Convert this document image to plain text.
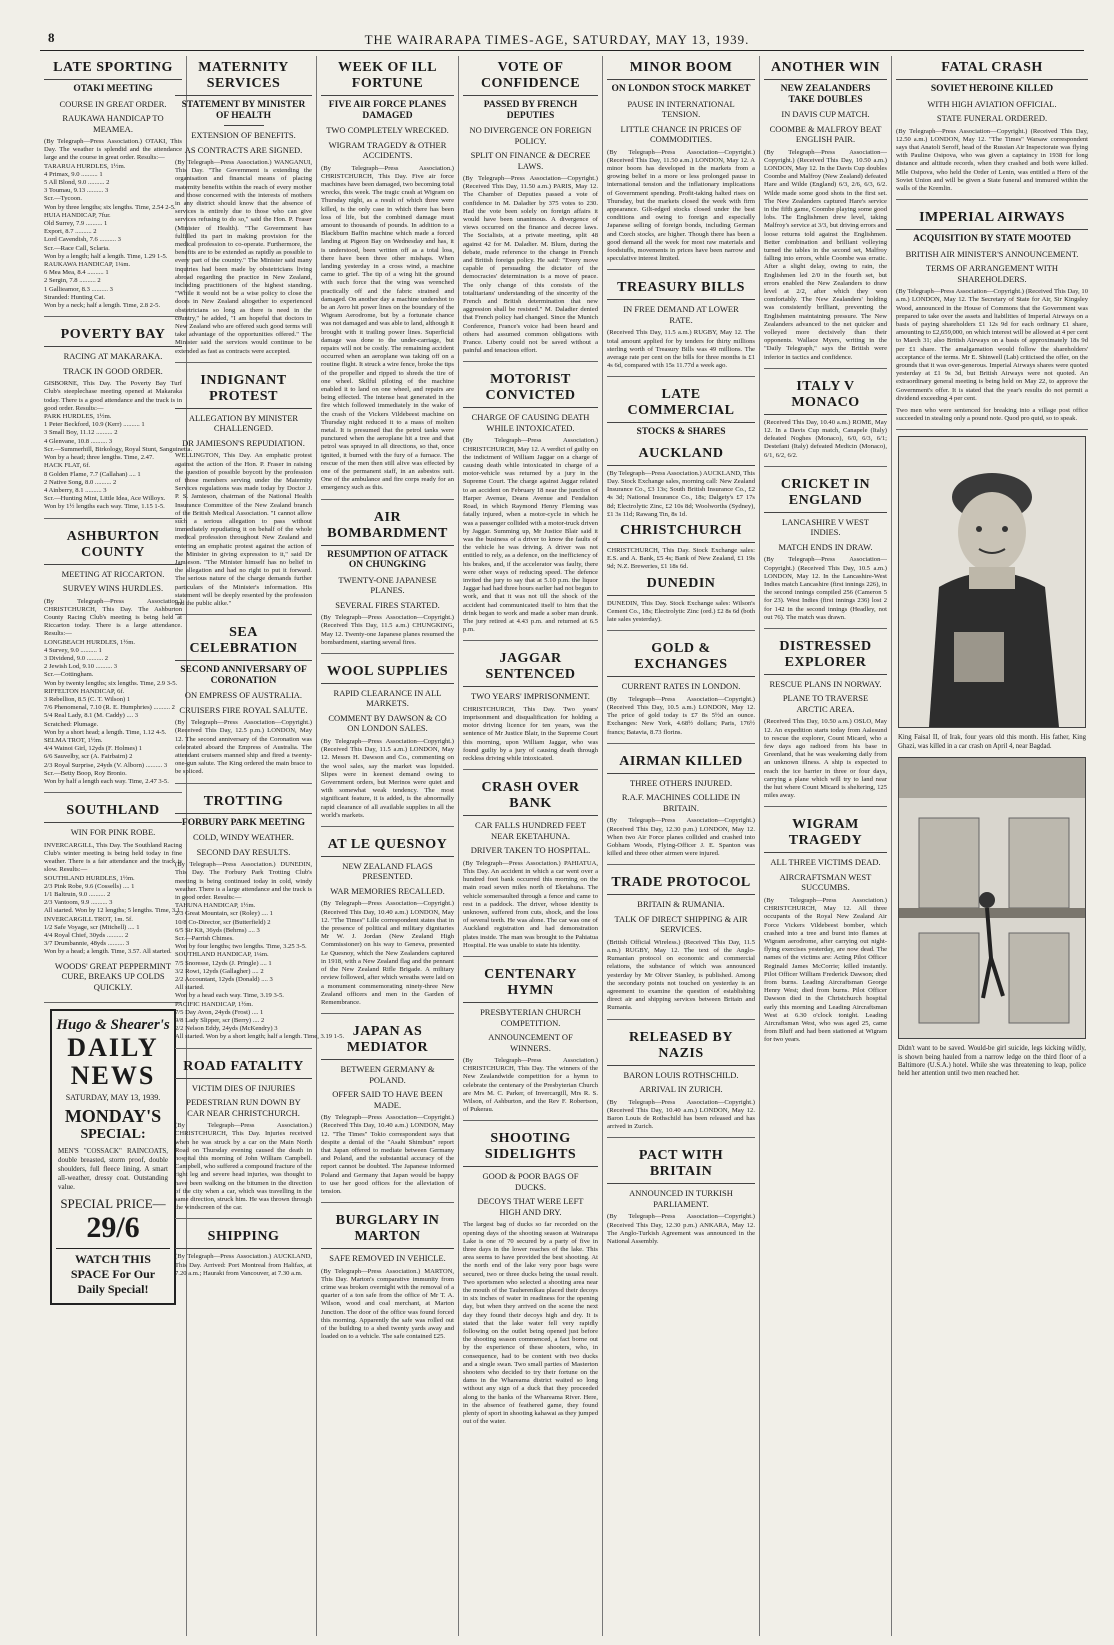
8	THE WAIRARAPA TIMES-AGE, SATURDAY, MAY 13, 1939.
LATE SPORTING
OTAKI MEETING
COURSE IN GREAT ORDER.
RAUKAWA HANDICAP TO MEAMEA.
(By Telegraph—Press Association.) OTAKI, This Day. The weather is splendid and the attendance large and the course in great order. Results:—
TARARUA HURDLES, 1½m.
4 Primax, 9.0 .......... 1
5 All Blond, 9.0 .......... 2
3 Toumau, 9.13 .......... 3
Scr.—Tycoon.
Won by three lengths; six lengths. Time, 2.54 2-5.
HUIA HANDICAP, 7fur.
Old Surrey, 7.9 .......... 1
Export, 8.7 .......... 2
Lord Cavendish, 7.6 .......... 3
Scr.—Race Call, Sclaria.
Won by a length; half a length. Time, 1.29 1-5.
RAUKAWA HANDICAP, 1¼m.
6 Mea Mea, 8.4 .......... 1
2 Sergin, 7.8 .......... 2
1 Gallieamor, 8.3 .......... 3
Stranded: Hunting Cat.
Won by a neck; half a length. Time, 2.8 2-5.
POVERTY BAY
RACING AT MAKARAKA.
TRACK IN GOOD ORDER.
GISBORNE, This Day. The Poverty Bay Turf Club's steeplechase meeting opened at Makaraka today. There is a good attendance and the track is in good order. Results:—
PARK HURDLES, 1½m.
1 Peter Beckford, 10.9 (Kerr) .......... 1
3 Small Boy, 11.12 .......... 2
4 Glenvane, 10.8 .......... 3
Scr.—Summerhill, Birkology, Royal Stunt, Sanguinetta.
Won by a head; three lengths. Time, 2.47.
HACK FLAT, 6f.
8 Golden Flame, 7.7 (Callahan) .... 1
2 Native Song, 8.0 .......... 2
4 Ainberry, 8.1 .......... 3
Scr.—Hunting Mint, Little Idea, Ace Willoyx.
Won by 1½ lengths each way. Time, 1.15 1-5.
ASHBURTON COUNTY
MEETING AT RICCARTON.
SURVEY WINS HURDLES.
(By Telegraph—Press Association.) CHRISTCHURCH, This Day. The Ashburton County Racing Club's meeting is being held at Riccarton today. There is a large attendance. Results:—
LONGBEACH HURDLES, 1½m.
4 Survey, 9.0 .......... 1
3 Dividend, 9.0 .......... 2
2 Jewish Lod, 9.10 .......... 3
Scr.—Cottingham.
Won by twenty lengths; six lengths. Time, 2.9 3-5.
RIFFELTON HANDICAP, 6f.
3 Rebellion, 8.5 (C. T. Wilson) 1
7/6 Phenomenal, 7.10 (R. E. Humphries) .......... 2
5/4 Real Lady, 8.1 (M. Caddy) .... 3
Scratched: Plumage.
Won by a short head; a length. Time, 1.12 4-5.
SELMA TROT, 1½m.
4/4 Wainoi Girl, 12yds (F. Holmes) 1
6/6 Sauvelby, scr (A. Fairbairn) 2
2/3 Royal Surprise, 24yds (V. Alborn) .......... 3
Scr.—Betty Boop, Roy Bronio.
Won by half a length each way. Time, 2.47 3-5.
SOUTHLAND
WIN FOR PINK ROBE.
INVERCARGILL, This Day. The Southland Racing Club's winter meeting is being held today in fine weather. There is a fair attendance and the track is slow. Results:—
SOUTHLAND HURDLES, 1½m.
2/3 Pink Robe, 9.6 (Cossells) .... 1
1/1 Baltruin, 9.0 .......... 2
2/3 Vantoom, 9.9 .......... 3
All started. Won by 12 lengths; 5 lengths. Time, 3.1.
INVERCARGILL TROT, 1m. 5f.
1/2 Safe Voyage, scr (Mitchell) .... 1
4/4 Royal Chief, 30yds .......... 2
3/7 Drumbannie, 48yds .......... 3
Won by a head; a length. Time, 3.57. All started.
WOODS' GREAT PEPPERMINT CURE, BREAKS UP COLDS QUICKLY.
Hugo & Shearer's
DAILY NEWS
SATURDAY, MAY 13, 1939.
MONDAY'S
SPECIAL:
MEN'S "COSSACK" RAINCOATS, double breasted, storm proof, double shoulders, full fleece lining. A smart all-weather, dressy coat. Outstanding value.
SPECIAL PRICE—
29/6
WATCH THIS SPACE For Our Daily Special!
MATERNITY SERVICES
STATEMENT BY MINISTER OF HEALTH
EXTENSION OF BENEFITS.
AS CONTRACTS ARE SIGNED.
(By Telegraph—Press Association.) WANGANUI, This Day. "The Government is extending the organisation and financial means of placing maternity benefits within the reach of every mother and those concerned with the interests of mothers in any district should know that the absence of services is entirely due to those who can give services refusing to do so," said the Hon. P. Fraser (Minister of Health). "The Government has fulfilled its part in making provision for the medical profession to co-operate. Furthermore, the benefits are to be extended as rapidly as possible to every part of the country." The Minister said many inquiries had been made by obstetricians living abroad regarding the practice in New Zealand, including practitioners of the highest standing. "While it would not be a wise policy to close the doors in New Zealand altogether to experienced obstetricians so long as there is need in the country," he added, "I am hopeful that doctors in New Zealand who are offered such good terms will take advantage of the opportunities offered." The Minister said the services would continue to be extended as fast as contracts were accepted.
INDIGNANT PROTEST
ALLEGATION BY MINISTER CHALLENGED.
DR JAMIESON'S REPUDIATION.
WELLINGTON, This Day. An emphatic protest against the action of the Hon. P. Fraser in raising the question of possible boycott by the profession of those members serving under the Maternity Services regulations was made today by Doctor J. P. S. Jamieson, chairman of the National Health Insurance Committee of the New Zealand branch of the British Medical Association. "I cannot allow such a serious allegation to pass without immediately repudiating it on behalf of the whole medical profession throughout New Zealand and entering an emphatic protest against the action of the Minister in giving expression to it," said Dr Jamieson. "The Minister himself has no belief in the allegation and had no right to put it forward. The serious nature of the charge demands further particulars of the Minister's information. His statement will be deeply resented by the profession and the public alike."
SEA CELEBRATION
SECOND ANNIVERSARY OF CORONATION
ON EMPRESS OF AUSTRALIA.
CRUISERS FIRE ROYAL SALUTE.
(By Telegraph—Press Association—Copyright.) (Received This Day, 12.5 p.m.) LONDON, May 12. The second anniversary of the Coronation was celebrated aboard the Empress of Australia. The attendant cruisers manned ship and fired a twenty-one-gun salute. The King ordered the main brace to be spliced.
TROTTING
FORBURY PARK MEETING
COLD, WINDY WEATHER.
SECOND DAY RESULTS.
(By Telegraph—Press Association.) DUNEDIN, This Day. The Forbury Park Trotting Club's meeting is being continued today in cold, windy weather. There is a large attendance and the track is in good order. Results:—
TAHUNA HANDICAP, 1½m.
2/3 Great Mountain, scr (Roley) .... 1
10/8 Co-Director, scr (Butterfield) 2
6/5 Sir Kit, 36yds (Behrns) .... 3
Scr.—Parrish Chimes.
Won by four lengths; two lengths. Time, 3.25 3-5.
SOUTHLAND HANDICAP, 1¼m.
7/5 Snoresse, 12yds (J. Pringle) .... 1
3/2 Rowi, 12yds (Gallagher) .... 2
2/2 Accountant, 12yds (Donald) .... 3
All started.
Won by a head each way. Time, 3.19 3-5.
PACIFIC HANDICAP, 1½m.
7/5 Day Avon, 24yds (Frost) .... 1
9/8 Lady Slipper, scr (Berry) .... 2
2/2 Nelson Eddy, 24yds (McKendry) 3
All started. Won by a short length; half a length. Time, 3.19 1-5.
ROAD FATALITY
VICTIM DIES OF INJURIES
PEDESTRIAN RUN DOWN BY CAR NEAR CHRISTCHURCH.
(By Telegraph—Press Association.) CHRISTCHURCH, This Day. Injuries received when he was struck by a car on the Main North Road on Thursday evening caused the death in hospital this morning of John William Campbell. Campbell, who suffered a compound fracture of the right leg and severe head injuries, was thought to have been walking on the bitumen in the direction of the city when a car, which was travelling in the same direction, struck him. He was thrown through the windscreen of the car.
SHIPPING
(By Telegraph—Press Association.) AUCKLAND, This Day. Arrived: Port Montreal from Halifax, at 7.20 a.m.; Hauraki from Vancouver, at 7.30 a.m.
WEEK OF ILL FORTUNE
FIVE AIR FORCE PLANES DAMAGED
TWO COMPLETELY WRECKED.
WIGRAM TRAGEDY & OTHER ACCIDENTS.
(By Telegraph—Press Association.) CHRISTCHURCH, This Day. Five air force machines have been damaged, two becoming total wrecks, this week. The tragic crash at Wigram on Thursday night, as a result of which three were killed, is the only case in which there has been loss of life, but the combined damage must amount to thousands of pounds. In addition to a Blackburn Baffin machine which made a forced landing at Pigeon Bay on Wednesday and has, it is understood, been written off as a total loss, there have been three other mishaps. When landing yesterday in a cross wind, a machine came to grief. The tip of a wing hit the ground with such force that the wing was wrenched practically off and the fabric strained and damaged. On another day a machine undershot to be an Avro hit power lines on the boundary of the Wigram Aerodrome, but by a fortunate chance was not damaged and was able to land, although it brought with it trailing power lines. Superficial damage was done to the under-carriage, but repairs will not be costly. The remaining accident occurred when an aeroplane was taking off on a routine flight. It struck a wire fence, broke the tips of the propeller and ripped to shreds the tire of one wheel. Skilful piloting of the machine enabled it to land on one wheel, and repairs are being effected. The intense heat generated in the fire which followed immediately in the wake of the crash of the Vickers Vildebeest machine on Thursday night reduced it to a mass of molten metal. It is presumed that the petrol tanks were punctured when the aeroplane hit a tree and that petrol was sprayed in all directions, so that, once ignited, it burned with the fury of a furnace. The rescue of the men then still alive was effected by one of the permanent staff, in an asbestos suit. One of the ambulance and fire corps ready for an emergency such as this.
AIR BOMBARDMENT
RESUMPTION OF ATTACK ON CHUNGKING
TWENTY-ONE JAPANESE PLANES.
SEVERAL FIRES STARTED.
(By Telegraph—Press Association—Copyright.) (Received This Day, 11.5 a.m.) CHUNGKING, May 12. Twenty-one Japanese planes resumed the bombardment, starting several fires.
WOOL SUPPLIES
RAPID CLEARANCE IN ALL MARKETS.
COMMENT BY DAWSON & CO ON LONDON SALES.
(By Telegraph—Press Association—Copyright.) (Received This Day, 11.5 a.m.) LONDON, May 12. Messrs H. Dawson and Co., commenting on the wool sales, say the market was lopsided. Slipes were in keenest demand owing to Government orders, but Merinos were quiet and with somewhat weak tendency. The most significant feature, it is added, is the abnormally rapid clearance of all available supplies in all the world's markets.
AT LE QUESNOY
NEW ZEALAND FLAGS PRESENTED.
WAR MEMORIES RECALLED.
(By Telegraph—Press Association—Copyright.) (Received This Day, 10.40 a.m.) LONDON, May 12. "The Times" Lille correspondent states that in the presence of political and military dignitaries Mr W. J. Jordan (New Zealand High Commissioner) on his way to Geneva, presented Le Quesnoy, which the New Zealanders captured in 1918, with a New Zealand flag and the pennant of the New Zealand Rifle Brigade. A military review followed, after which wreaths were laid on a monument commemorating ninety-three New Zealand officers and men in the Garden of Remembrance.
JAPAN AS MEDIATOR
BETWEEN GERMANY & POLAND.
OFFER SAID TO HAVE BEEN MADE.
(By Telegraph—Press Association—Copyright.) (Received This Day, 10.40 a.m.) LONDON, May 12. "The Times" Tokio correspondent says that despite a denial of the "Asahi Shimbun" report that Japan offered to mediate between Germany and Poland, and the substantial accuracy of the report cannot be doubted. The Japanese informed Poland and Germany that Japan would be happy to use her good offices for the alleviation of tension.
BURGLARY IN MARTON
SAFE REMOVED IN VEHICLE.
(By Telegraph—Press Association.) MARTON, This Day. Marton's comparative immunity from crime was broken overnight with the removal of a quarter of a ton safe from the office of Mr T. A. Wilson, wood and coal merchant, at Marton Junction. The door of the office was found forced this morning. Apparently the safe was rolled out of the building to a shed twenty yards away and loaded on to a vehicle. The safe contained £25.
VOTE OF CONFIDENCE
PASSED BY FRENCH DEPUTIES
NO DIVERGENCE ON FOREIGN POLICY.
SPLIT ON FINANCE & DECREE LAWS.
(By Telegraph—Press Association—Copyright.) (Received This Day, 11.50 a.m.) PARIS, May 12. The Chamber of Deputies passed a vote of confidence in M. Daladier by 375 votes to 230. Had the vote been solely on foreign affairs it would have been unanimous. A divergence of views occurred on the finance and decree laws. The Socialists, at a private meeting, split 48 against 42 for M. Daladier. M. Blum, during the debate, made reference to the change in French and British foreign policy. He said: "Every move capable of persuading the dictator of the democracies' determination is a move of peace. The only change of this consists of the totalitarians' understanding of the sincerity of the French and British determination that new aggression shall be resisted." M. Daladier denied that French policy had changed. Since the Munich Conference, France's voice had been heard and others had assumed common obligations with France. Liberty could not be saved without a painful and tenacious effort.
MOTORIST CONVICTED
CHARGE OF CAUSING DEATH WHILE INTOXICATED.
(By Telegraph—Press Association.) CHRISTCHURCH, May 12. A verdict of guilty on the indictment of William Jaggar on a charge of causing death while intoxicated in charge of a motor-vehicle was returned by a jury in the Supreme Court. The charge against Jaggar related to an accident on February 18 near the junction of Harper Avenue, Deans Avenue and Fendalton Road, in which Raymond Henry Fleming was fatally injured, when a motor-cycle in which he was a passenger collided with a motor-truck driven by Jaggar. Summing up, Mr Justice Blair said it was the business of a driver to know the faults of the vehicle he was driving. A driver was not entitled to rely, as a defence, on the inefficiency of his brakes, and, if the accelerator was faulty, there were other ways of reducing speed. The defence invited the jury to say that at 5.10 p.m. the liquor Jaggar had had three hours earlier had not begun to work, and that it was not till the shock of the accident had communicated itself to him that the drink began to work and made a sober man drunk. The jury retired at 4.43 p.m. and returned at 6.5 p.m.
JAGGAR SENTENCED
TWO YEARS' IMPRISONMENT.
CHRISTCHURCH, This Day. Two years' imprisonment and disqualification for holding a motor driving licence for ten years, was the sentence of Mr Justice Blair, in the Supreme Court this morning, upon William Jaggar, who was found guilty by a jury of causing death through reckless driving while intoxicated.
CRASH OVER BANK
CAR FALLS HUNDRED FEET NEAR EKETAHUNA.
DRIVER TAKEN TO HOSPITAL.
(By Telegraph—Press Association.) PAHIATUA, This Day. An accident in which a car went over a hundred foot bank occurred this morning on the main road seven miles north of Eketahuna. The vehicle somersaulted through a fence and came to rest in a paddock. The driver, whose identity is unknown, suffered from cuts, shock, and the loss of several teeth. He was alone. The car was one of Auckland registration and had demonstration plates inside. The man was brought to the Pahiatua Hospital. He was unable to state his identity.
CENTENARY HYMN
PRESBYTERIAN CHURCH COMPETITION.
ANNOUNCEMENT OF WINNERS.
(By Telegraph—Press Association.) CHRISTCHURCH, This Day. The winners of the New Zealandwide competition for a hymn to celebrate the centenary of the Presbyterian Church are Mrs M. C. Parker, of Invercargill, Mrs R. S. Wilson, of Ashburton, and the Rev F. Robertson, of Pukerau.
SHOOTING SIDELIGHTS
GOOD & POOR BAGS OF DUCKS.
DECOYS THAT WERE LEFT HIGH AND DRY.
The largest bag of ducks so far recorded on the opening days of the shooting season at Wairarapa Lake is one of 70 secured by a party of five in three days in the lower reaches of the lake. This area seems to have provided the best shooting. At the north end of the lake very poor bags were secured, two or three ducks being the usual result. Two sportsmen who selected a shooting area near the mouth of the Tauherenikau placed their decoys in six inches of water in readiness for the opening day, but when they arrived on the scene the next day they found their decoys high and dry. It is stated that the lake water fell very rapidly following on the outlet being opened just before the shooting season commenced, a fact borne out by the experience of these shooters, who, in consequence, had to be content with two ducks and a single swan. Two small parties of Masterton shooters who decided to try their fortune on the dams in the Whareama district waited so long without any sign of a duck that they proceeded along to the banks of the Whareama River. Here, in the absence of feathered game, they found plenty of sport in shooting kahawai as they jumped out of the water.
MINOR BOOM
ON LONDON STOCK MARKET
PAUSE IN INTERNATIONAL TENSION.
LITTLE CHANCE IN PRICES OF COMMODITIES.
(By Telegraph—Press Association—Copyright.) (Received This Day, 11.50 a.m.) LONDON, May 12. A minor boom has developed in the markets from a growing belief in a more or less prolonged pause in international tension and the inflationary implications of Government spending. Profit-taking halted rises on Thursday, but the markets closed the week with firm appearance. Gilt-edged stocks closed under the best conditions and owing to foreign and especially Japanese selling of foreign bonds, including German and Czech stocks, are higher. Though there has been a good demand all the week for most raw materials and foodstuffs, movements in prices have been narrow and speculative interest limited.
TREASURY BILLS
IN FREE DEMAND AT LOWER RATE.
(Received This Day, 11.5 a.m.) RUGBY, May 12. The total amount applied for by tenders for thirty millions sterling worth of Treasury Bills was 49 millions. The average rate per cent on the bills for three months is £1 4s 6d, compared with 15s 11.77d a week ago.
LATE COMMERCIAL
STOCKS & SHARES
AUCKLAND
(By Telegraph—Press Association.) AUCKLAND, This Day. Stock Exchange sales, morning call: New Zealand Insurance Co., £3 13s; South British Insurance Co., £2 4s 3d; National Insurance Co., 18s; Dalgety's £7 17s 8d; Electrolytic Zinc, £2 10s 8d; Woolworths (Sydney), £1 3s 11d; Rawang Tin, 8s 1d.
CHRISTCHURCH
CHRISTCHURCH, This Day. Stock Exchange sales: E.S. and A. Bank, £5 4s; Bank of New Zealand, £1 19s 9d; N.Z. Breweries, £1 18s 6d.
DUNEDIN
DUNEDIN, This Day. Stock Exchange sales: Wilson's Cement Co., 18s; Electrolytic Zinc (ord.) £2 8s 6d (both late sales yesterday).
GOLD & EXCHANGES
CURRENT RATES IN LONDON.
(By Telegraph—Press Association—Copyright.) (Received This Day, 10.5 a.m.) LONDON, May 12. The price of gold today is £7 8s 5½d an ounce. Exchanges: New York, 4.68½ dollars; Paris, 176½ francs; Batavia, 8.73 florins.
AIRMAN KILLED
THREE OTHERS INJURED.
R.A.F. MACHINES COLLIDE IN BRITAIN.
(By Telegraph—Press Association—Copyright.) (Received This Day, 12.30 p.m.) LONDON, May 12. When two Air Force planes collided and crashed into Gobham Woods, Flying-Officer J. E. Spanton was killed and three other airmen were injured.
TRADE PROTOCOL
BRITAIN & RUMANIA.
TALK OF DIRECT SHIPPING & AIR SERVICES.
(British Official Wireless.) (Received This Day, 11.5 a.m.) RUGBY, May 12. The text of the Anglo-Rumanian protocol on economic and commercial relations, the substance of which was announced yesterday by Mr Oliver Stanley, is published. Among the secondary points not touched on yesterday is an agreement to examine the question of establishing direct air and shipping services between Britain and Rumania.
RELEASED BY NAZIS
BARON LOUIS ROTHSCHILD.
ARRIVAL IN ZURICH.
(By Telegraph—Press Association—Copyright.) (Received This Day, 10.40 a.m.) LONDON, May 12. Baron Louis de Rothschild has been released and has arrived in Zurich.
PACT WITH BRITAIN
ANNOUNCED IN TURKISH PARLIAMENT.
(By Telegraph—Press Association—Copyright.) (Received This Day, 12.30 p.m.) ANKARA, May 12. The Anglo-Turkish Agreement was announced in the National Assembly.
ANOTHER WIN
NEW ZEALANDERS TAKE DOUBLES
IN DAVIS CUP MATCH.
COOMBE & MALFROY BEAT ENGLISH PAIR.
(By Telegraph—Press Association—Copyright.) (Received This Day, 10.50 a.m.) LONDON, May 12. In the Davis Cup doubles Coombe and Malfroy (New Zealand) defeated Hare and Wilde (England) 6/3, 2/6, 6/3, 6/2. Wilde made some good shots in the first set. The New Zealanders captured Hare's service in the fifth game, Coombe playing some good lobs. The Englishmen drew level, taking Malfroy's service at 3/3, but driving errors and loose returns told against the Englishmen. Better combination and brilliant volleying turned the tables in the second set, Malfroy falling into errors, while Coombe was erratic. After a slight delay, owing to rain, the Englishmen led 2/0 in the fourth set, but errors enabled the New Zealanders to draw level at 2/2, after which they won comfortably. The New Zealanders' holding was consistently brilliant, preventing the Englishmen maintaining pressure. The New Zealanders advanced to the net quicker and volleyed more decisively than their opponents. Wallace Myers, writing in the "Daily Telegraph," says the British were inferior in tactics and confidence.
ITALY V MONACO
(Received This Day, 10.40 a.m.) ROME, May 12. In a Davis Cup match, Canapele (Italy) defeated Noghes (Monaco), 6/0, 6/3, 6/1; Destefani (Italy) defeated Medicin (Monaco), 6/1, 6/2, 6/2.
CRICKET IN ENGLAND
LANCASHIRE V WEST INDIES.
MATCH ENDS IN DRAW.
(By Telegraph—Press Association—Copyright.) (Received This Day, 10.5 a.m.) LONDON, May 12. In the Lancashire-West Indies match Lancashire (first innings 226), in the second innings compiled 256 (Cameron 5 for 23). West Indies (first innings 236) lost 2 for 142 in the second innings (Headley, not out 76). The match was drawn.
DISTRESSED EXPLORER
RESCUE PLANS IN NORWAY.
PLANE TO TRAVERSE ARCTIC AREA.
(Received This Day, 10.50 a.m.) OSLO, May 12. An expedition starts today from Aalesund to rescue the explorer, Count Micard, who a few days ago radioed from his base in Greenland, that he was weakening daily from an unknown illness. A ship is expected to reach the ice barrier in three or four days, carrying a plane which will try to land near the hut where Count Micard is sheltering, 125 miles away.
WIGRAM TRAGEDY
ALL THREE VICTIMS DEAD.
AIRCRAFTSMAN WEST SUCCUMBS.
(By Telegraph—Press Association.) CHRISTCHURCH, May 12. All three occupants of the Royal New Zealand Air Force Vickers Vildebeest bomber, which crashed into a tree and burst into flames at Wigram aerodrome, after carrying out night-flying exercises yesterday, are now dead. The names of the victims are: Acting Pilot Officer Reginald James McCorrie; killed instantly. Pilot Officer William Frederick Dawson; died from burns. Leading Aircraftsman George Henry West; died from burns. Pilot Officer Dawson died in the Christchurch hospital early this morning and Leading Aircraftsman West at 6.30 o'clock tonight. Leading Aircraftsman West, who was aged 25, came from Bluff and had been stationed at Wigram for two years.
FATAL CRASH
SOVIET HEROINE KILLED
WITH HIGH AVIATION OFFICIAL.
STATE FUNERAL ORDERED.
(By Telegraph—Press Association—Copyright.) (Received This Day, 12.50 a.m.) LONDON, May 12. "The Times" Warsaw correspondent says that Anatoli Seroff, head of the Russian Air Inspectorate was flying with Pauline Osipova, who was given a captaincy in 1938 for long distance and altitude records, when they crashed and both were killed. Mlle Osipova, who held the Order of Lenin, was entitled a Hero of the Soviet Union and will be given a State funeral and immured within the walls of the Kremlin.
IMPERIAL AIRWAYS
ACQUISITION BY STATE MOOTED
BRITISH AIR MINISTER'S ANNOUNCEMENT.
TERMS OF ARRANGEMENT WITH SHAREHOLDERS.
(By Telegraph—Press Association—Copyright.) (Received This Day, 10 a.m.) LONDON, May 12. The Secretary of State for Air, Sir Kingsley Wood, announced in the House of Commons that the Government was prepared to take over the assets and liabilities of Imperial Airways on a basis of paying shareholders £1 12s 9d for each ordinary £1 share, amounting to £2,659,000, on which interest will be allowed at 4 per cent to March 31; also British Airways on a basis of approximately 18s 9d per £1 share. The amalgamation would follow the shareholders' acceptance of the terms. Mr E. Shinwell (Lab) criticised the offer, on the grounds that it was over-generous. Imperial Airways shares were quoted yesterday at £1 9s 3d, but British Airways were not quoted. An extraordinary general meeting is being held on May 22, to approve the Government's offer. It is stated that the year's results do not permit a dividend exceeding 4 per cent.
Two men who were sentenced for breaking into a village post office succeeded in stealing only a pound note. Quod pro quid, so to speak.
King Faisal II, of Irak, four years old this month. His father, King Ghazi, was killed in a car crash on April 4, near Bagdad.
Didn't want to be saved. Would-be girl suicide, legs kicking wildly, is shown being hauled from a narrow ledge on the third floor of a Baltimore (U.S.A.) hotel. While she was threatening to leap, police held her attention until two men reached her.
